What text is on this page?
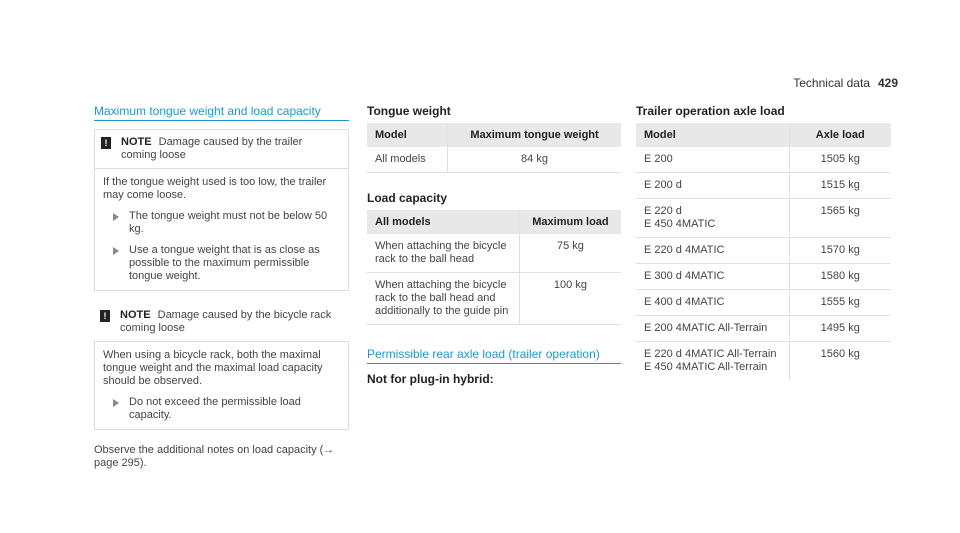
Technical data 429
Maximum tongue weight and load capacity
!	NOTE Damage caused by the trailer coming loose

If the tongue weight used is too low, the trailer may come loose.

The tongue weight must not be below 50 kg.
Use a tongue weight that is as close as possible to the maximum permissible tongue weight.
!	NOTE Damage caused by the bicycle rack coming loose

When using a bicycle rack, both the maximal tongue weight and the maximal load capacity should be observed.

Do not exceed the permissible load capacity.
Observe the additional notes on load capacity (→ page 295).
Tongue weight
Model	Maximum tongue weight
All models	84 kg
Load capacity
All models	Maximum load
When attaching the bicycle rack to the ball head	75 kg
When attaching the bicycle rack to the ball head and additionally to the guide pin	100 kg
Permissible rear axle load (trailer operation)
Not for plug-in hybrid:
Trailer operation axle load
Model	Axle load
E 200	1505 kg
E 200 d	1515 kg
E 220 d
E 450 4MATIC	1565 kg
E 220 d 4MATIC	1570 kg
E 300 d 4MATIC	1580 kg
E 400 d 4MATIC	1555 kg
E 200 4MATIC All-Terrain	1495 kg
E 220 d 4MATIC All-Terrain
E 450 4MATIC All-Terrain	1560 kg
